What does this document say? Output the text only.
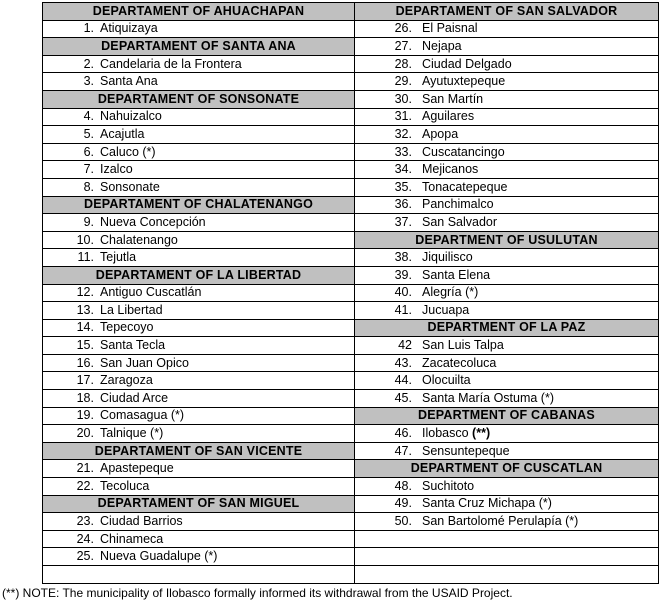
DEPARTAMENT OF AHUACHAPAN	DEPARTAMENT OF SAN SALVADOR
1. Atiquizaya	26. El Paisnal
DEPARTAMENT OF SANTA ANA	27. Nejapa
2. Candelaria de la Frontera	28. Ciudad Delgado
3. Santa Ana	29. Ayutuxtepeque
DEPARTAMENT OF SONSONATE	30. San Martín
4. Nahuizalco	31. Aguilares
5. Acajutla	32. Apopa
6. Caluco (*)	33. Cuscatancingo
7. Izalco	34. Mejicanos
8. Sonsonate	35. Tonacatepeque
DEPARTAMENT OF CHALATENANGO	36. Panchimalco
9. Nueva Concepción	37. San Salvador
10. Chalatenango	DEPARTMENT OF USULUTAN
11. Tejutla	38. Jiquilisco
DEPARTAMENT OF LA LIBERTAD	39. Santa Elena
12. Antiguo Cuscatlán	40. Alegría (*)
13. La Libertad	41. Jucuapa
14. Tepecoyo	DEPARTMENT OF LA PAZ
15. Santa Tecla	42 San Luis Talpa
16. San Juan Opico	43. Zacatecoluca
17. Zaragoza	44. Olocuilta
18. Ciudad Arce	45. Santa María Ostuma (*)
19. Comasagua (*)	DEPARTMENT OF CABANAS
20. Talnique (*)	46. Ilobasco (**)
DEPARTAMENT OF SAN VICENTE	47. Sensuntepeque
21. Apastepeque	DEPARTMENT OF CUSCATLAN
22. Tecoluca	48. Suchitoto
DEPARTAMENT OF SAN MIGUEL	49. Santa Cruz Michapa (*)
23. Ciudad Barrios	50. San Bartolomé Perulapía (*)
24. Chinameca	
25. Nueva Guadalupe (*)	

(**) NOTE: The municipality of Ilobasco formally informed its withdrawal from the USAID Project.
